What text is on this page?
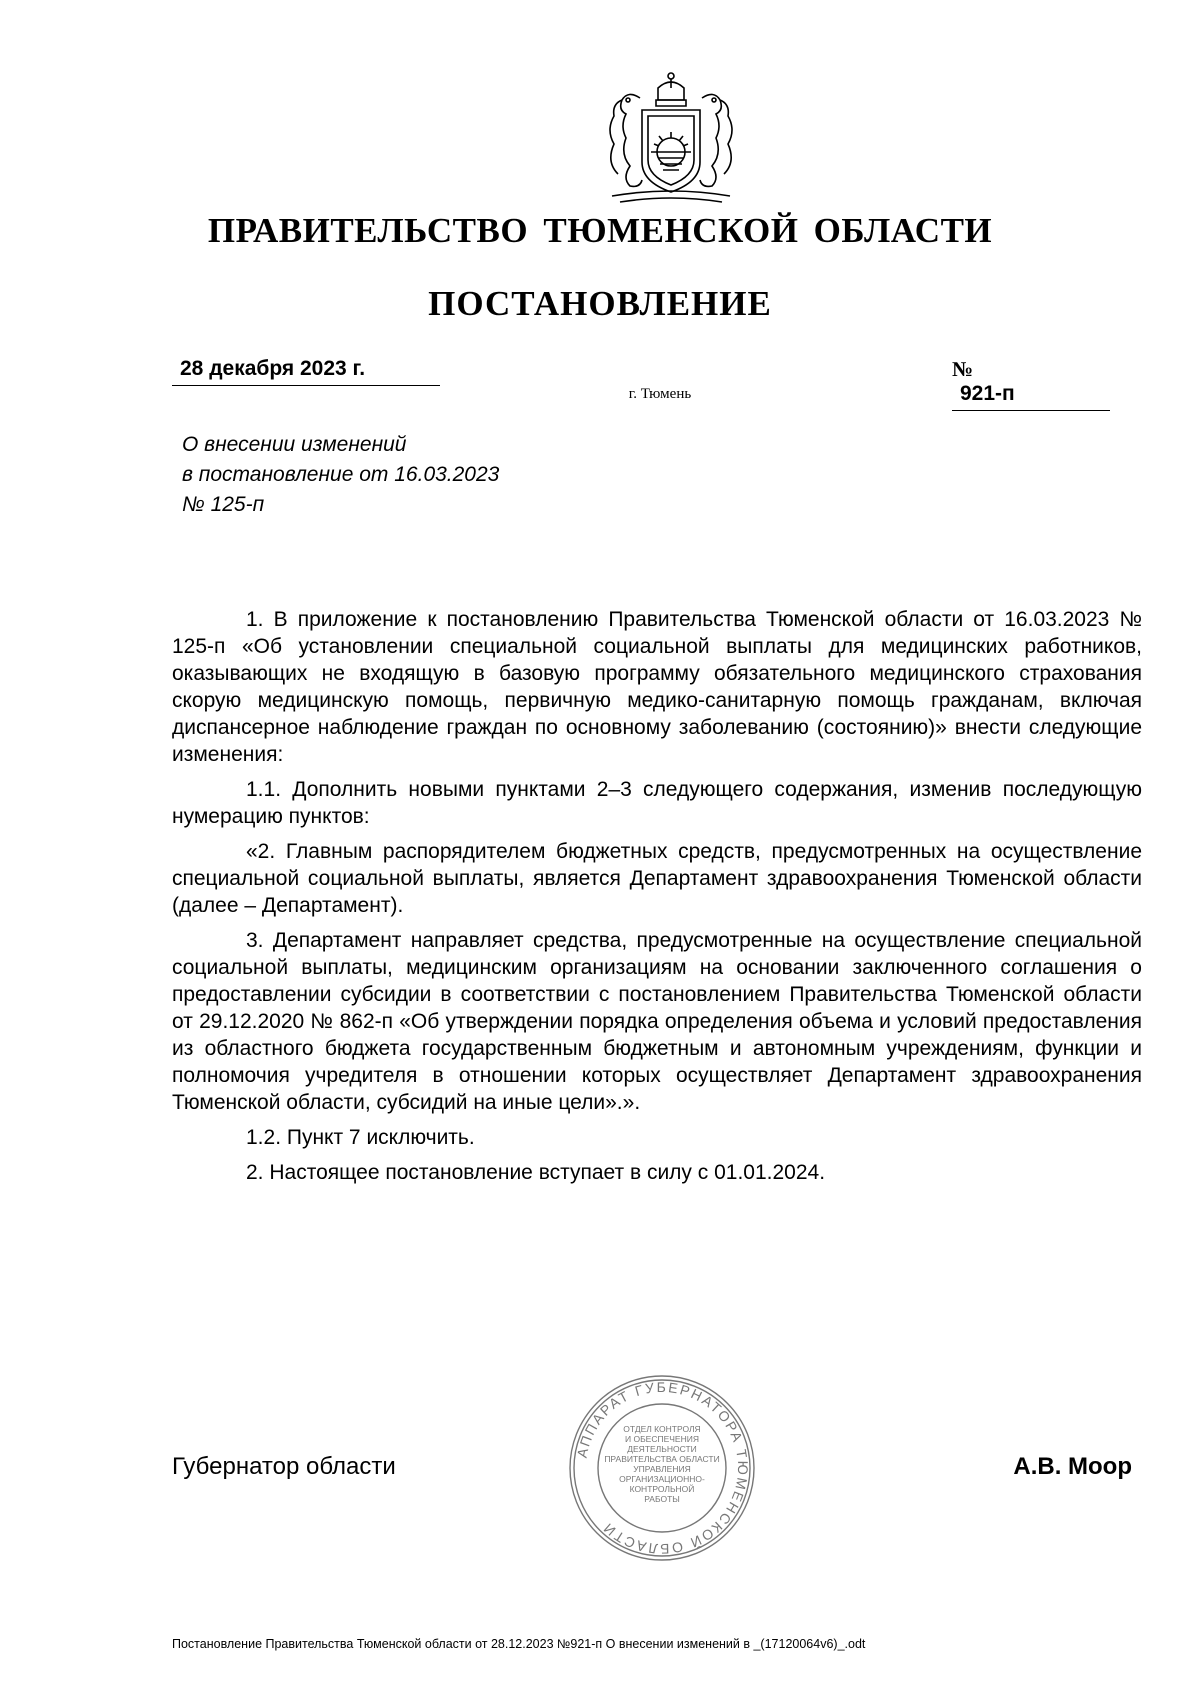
ПРАВИТЕЛЬСТВО ТЮМЕНСКОЙ ОБЛАСТИ
ПОСТАНОВЛЕНИЕ
28 декабря 2023 г.	№ 921-п
г. Тюмень
О внесении изменений
в постановление от 16.03.2023
№ 125-п

1. В приложение к постановлению Правительства Тюменской области от 16.03.2023 № 125-п «Об установлении специальной социальной выплаты для медицинских работников, оказывающих не входящую в базовую программу обязательного медицинского страхования скорую медицинскую помощь, первичную медико-санитарную помощь гражданам, включая диспансерное наблюдение граждан по основному заболеванию (состоянию)» внести следующие изменения:

1.1. Дополнить новыми пунктами 2–3 следующего содержания, изменив последующую нумерацию пунктов:

«2. Главным распорядителем бюджетных средств, предусмотренных на осуществление специальной социальной выплаты, является Департамент здравоохранения Тюменской области (далее – Департамент).

3. Департамент направляет средства, предусмотренные на осуществление специальной социальной выплаты, медицинским организациям на основании заключенного соглашения о предоставлении субсидии в соответствии с постановлением Правительства Тюменской области от 29.12.2020 № 862-п «Об утверждении порядка определения объема и условий предоставления из областного бюджета государственным бюджетным и автономным учреждениям, функции и полномочия учредителя в отношении которых осуществляет Департамент здравоохранения Тюменской области, субсидий на иные цели».».

1.2. Пункт 7 исключить.

2. Настоящее постановление вступает в силу с 01.01.2024.

Губернатор области	А.В. Моор
АППАРАТ ГУБЕРНАТОРА ТЮМЕНСКОЙ ОБЛАСТИ
ОТДЕЛ КОНТРОЛЯ
И ОБЕСПЕЧЕНИЯ
ДЕЯТЕЛЬНОСТИ
ПРАВИТЕЛЬСТВА ОБЛАСТИ
УПРАВЛЕНИЯ
ОРГАНИЗАЦИОННО-
КОНТРОЛЬНОЙ
РАБОТЫ
Постановление Правительства Тюменской области от 28.12.2023 №921-п О внесении изменений в _(17120064v6)_.odt
